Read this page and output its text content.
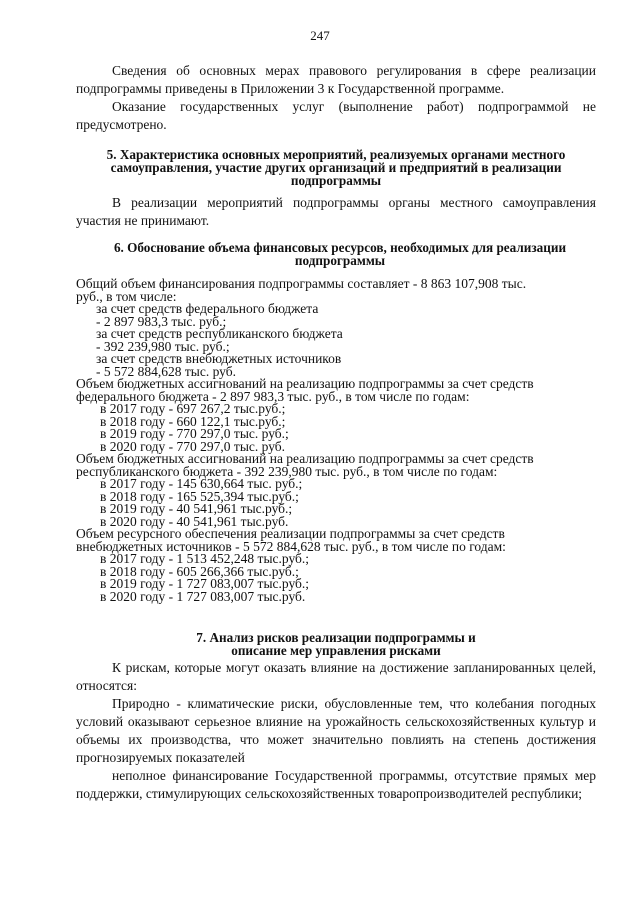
247

Сведения об основных мерах правового регулирования в сфере реализации подпрограммы приведены в Приложении 3 к Государственной программе.

Оказание государственных услуг (выполнение работ) подпрограммой не предусмотрено.

5. Характеристика основных мероприятий, реализуемых органами местного самоуправления, участие других организаций и предприятий в реализации подпрограммы

В реализации мероприятий подпрограммы органы местного самоуправления участия не принимают.

6. Обоснование объема финансовых ресурсов, необходимых для реализации подпрограммы

Общий объем финансирования подпрограммы составляет - 8 863 107,908 тыс.
руб., в том числе:
за счет средств федерального бюджета
- 2 897 983,3 тыс. руб.;
за счет средств республиканского бюджета
- 392 239,980 тыс. руб.;
за счет средств внебюджетных источников
- 5 572 884,628 тыс. руб.
Объем бюджетных ассигнований на реализацию подпрограммы за счет средств
федерального бюджета - 2 897 983,3 тыс. руб., в том числе по годам:
в 2017 году - 697 267,2 тыс.руб.;
в 2018 году - 660 122,1 тыс.руб.;
в 2019 году - 770 297,0 тыс. руб.;
в 2020 году - 770 297,0 тыс. руб.
Объем бюджетных ассигнований на реализацию подпрограммы за счет средств
республиканского бюджета - 392 239,980 тыс. руб., в том числе по годам:
в 2017 году - 145 630,664 тыс. руб.;
в 2018 году - 165 525,394 тыс.руб.;
в 2019 году - 40 541,961 тыс.руб.;
в 2020 году - 40 541,961 тыс.руб.
Объем ресурсного обеспечения реализации подпрограммы за счет средств
внебюджетных источников - 5 572 884,628 тыс. руб., в том числе по годам:
в 2017 году - 1 513 452,248 тыс.руб.;
в 2018 году - 605 266,366 тыс.руб.;
в 2019 году - 1 727 083,007 тыс.руб.;
в 2020 году - 1 727 083,007 тыс.руб.

7. Анализ рисков реализации подпрограммы и
описание мер управления рисками

К рискам, которые могут оказать влияние на достижение запланированных целей, относятся:

Природно - климатические риски, обусловленные тем, что колебания погодных условий оказывают серьезное влияние на урожайность сельскохозяйственных культур и объемы их производства, что может значительно повлиять на степень достижения прогнозируемых показателей

неполное финансирование Государственной программы, отсутствие прямых мер поддержки, стимулирующих сельскохозяйственных товаропроизводителей республики;
